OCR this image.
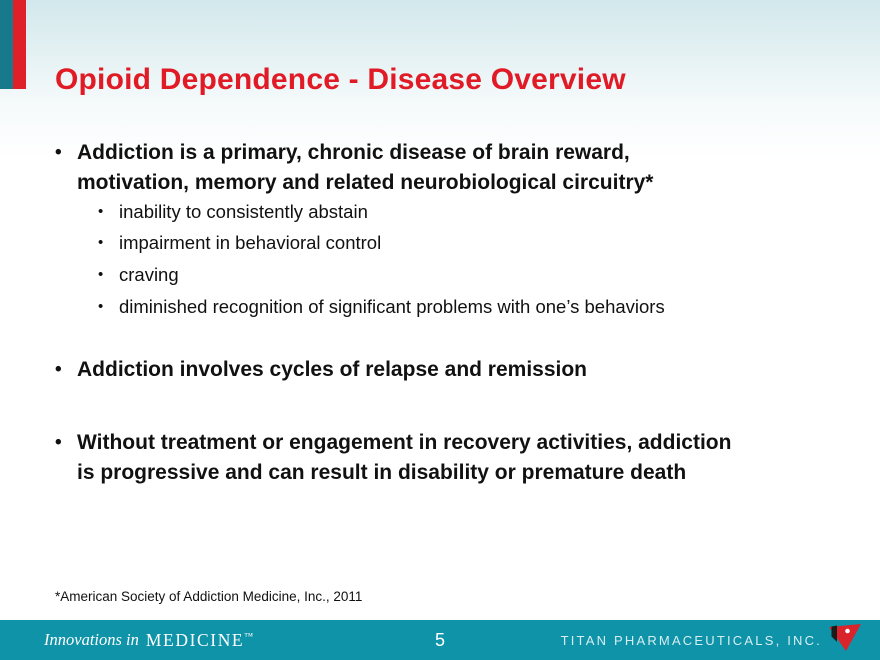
Opioid Dependence - Disease Overview
• Addiction is a primary, chronic disease of brain reward,
motivation, memory and related neurobiological circuitry*
• inability to consistently abstain
• impairment in behavioral control
• craving
• diminished recognition of significant problems with one’s behaviors
• Addiction involves cycles of relapse and remission
• Without treatment or engagement in recovery activities, addiction
is progressive and can result in disability or premature death
*American Society of Addiction Medicine, Inc., 2011
Innovations in MEDICINE™	5	TITAN PHARMACEUTICALS, INC.
